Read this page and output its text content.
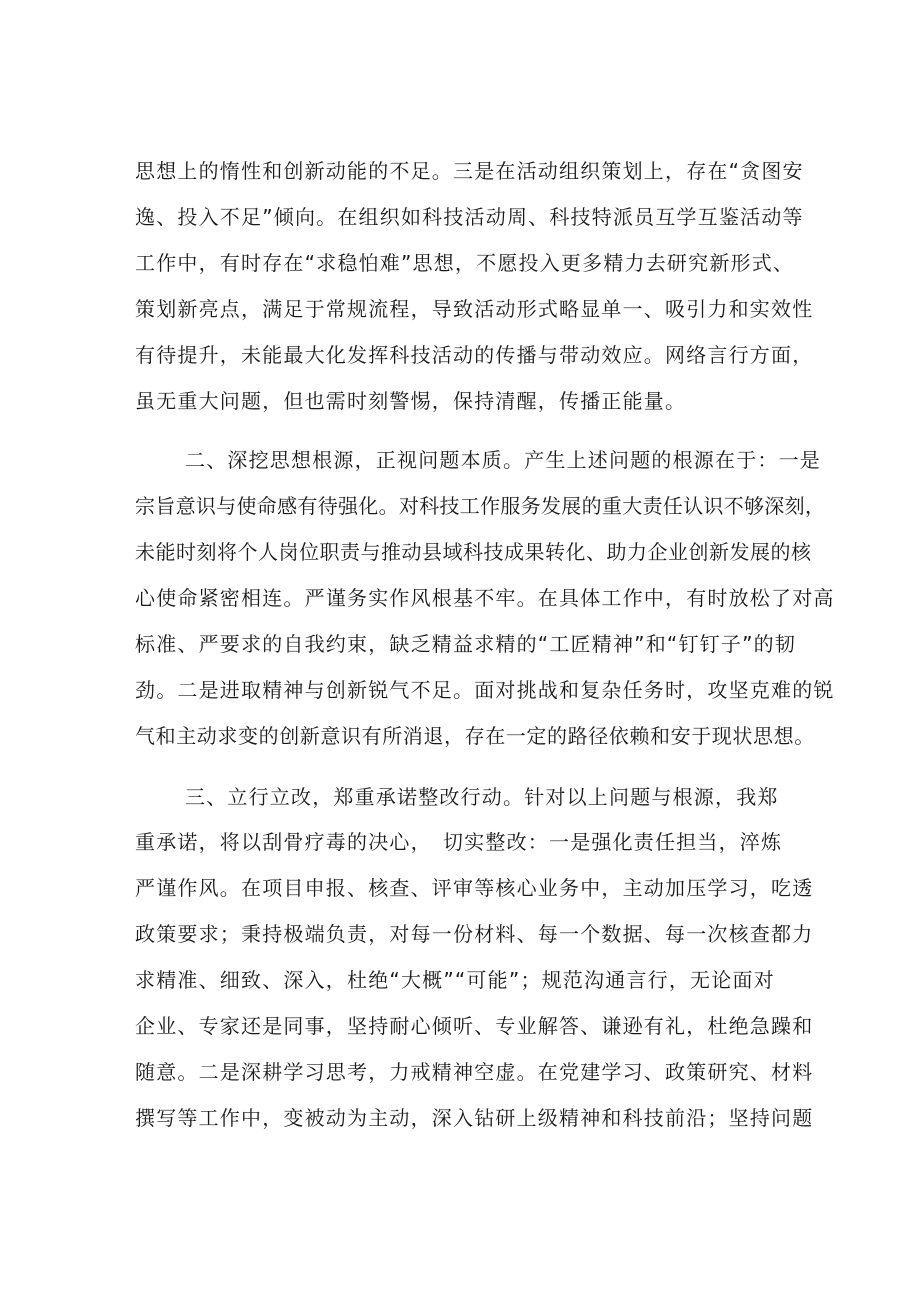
思想上的惰性和创新动能的不足。三是在活动组织策划上，存在“贪图安
逸、投入不足”倾向。在组织如科技活动周、科技特派员互学互鉴活动等
工作中，有时存在“求稳怕难”思想，不愿投入更多精力去研究新形式、
策划新亮点，满足于常规流程，导致活动形式略显单一、吸引力和实效性
有待提升，未能最大化发挥科技活动的传播与带动效应。网络言行方面，
虽无重大问题，但也需时刻警惕，保持清醒，传播正能量。
二、深挖思想根源，正视问题本质。产生上述问题的根源在于：一是
宗旨意识与使命感有待强化。对科技工作服务发展的重大责任认识不够深刻，
未能时刻将个人岗位职责与推动县域科技成果转化、助力企业创新发展的核
心使命紧密相连。严谨务实作风根基不牢。在具体工作中，有时放松了对高
标准、严要求的自我约束，缺乏精益求精的“工匠精神”和“钉钉子”的韧
劲。二是进取精神与创新锐气不足。面对挑战和复杂任务时，攻坚克难的锐
气和主动求变的创新意识有所消退，存在一定的路径依赖和安于现状思想。
三、立行立改，郑重承诺整改行动。针对以上问题与根源，我郑
重承诺，将以刮骨疗毒的决心，　切实整改：一是强化责任担当，淬炼
严谨作风。在项目申报、核查、评审等核心业务中，主动加压学习，吃透
政策要求；秉持极端负责，对每一份材料、每一个数据、每一次核查都力
求精准、细致、深入，杜绝“大概”“可能”；规范沟通言行，无论面对
企业、专家还是同事，坚持耐心倾听、专业解答、谦逊有礼，杜绝急躁和
随意。二是深耕学习思考，力戒精神空虚。在党建学习、政策研究、材料
撰写等工作中，变被动为主动，深入钻研上级精神和科技前沿；坚持问题
